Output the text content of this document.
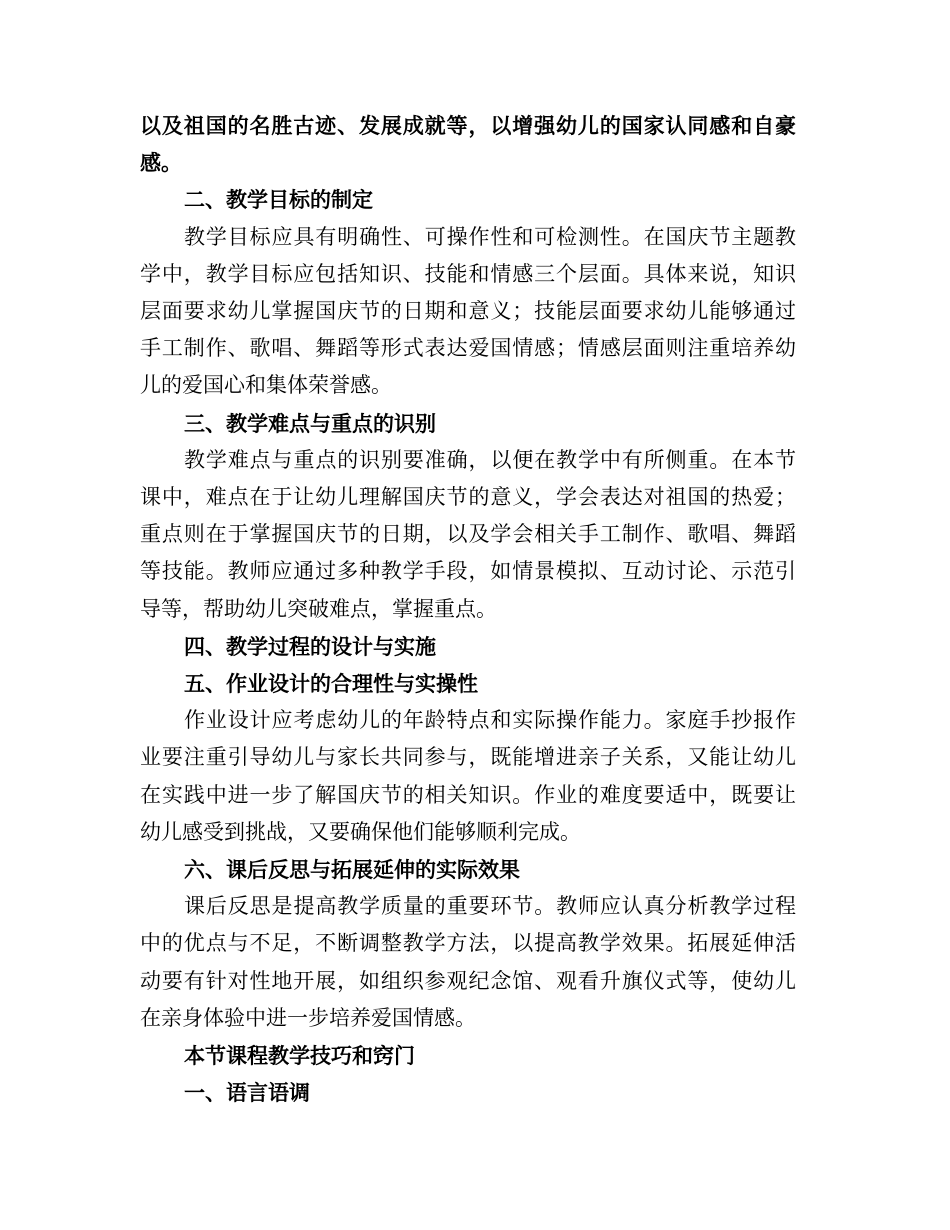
以及祖国的名胜古迹、发展成就等，以增强幼儿的国家认同感和自豪

感。

二、教学目标的制定

教学目标应具有明确性、可操作性和可检测性。在国庆节主题教

学中，教学目标应包括知识、技能和情感三个层面。具体来说，知识

层面要求幼儿掌握国庆节的日期和意义；技能层面要求幼儿能够通过

手工制作、歌唱、舞蹈等形式表达爱国情感；情感层面则注重培养幼

儿的爱国心和集体荣誉感。

三、教学难点与重点的识别

教学难点与重点的识别要准确，以便在教学中有所侧重。在本节

课中，难点在于让幼儿理解国庆节的意义，学会表达对祖国的热爱；

重点则在于掌握国庆节的日期，以及学会相关手工制作、歌唱、舞蹈

等技能。教师应通过多种教学手段，如情景模拟、互动讨论、示范引

导等，帮助幼儿突破难点，掌握重点。

四、教学过程的设计与实施

五、作业设计的合理性与实操性

作业设计应考虑幼儿的年龄特点和实际操作能力。家庭手抄报作

业要注重引导幼儿与家长共同参与，既能增进亲子关系，又能让幼儿

在实践中进一步了解国庆节的相关知识。作业的难度要适中，既要让

幼儿感受到挑战，又要确保他们能够顺利完成。

六、课后反思与拓展延伸的实际效果

课后反思是提高教学质量的重要环节。教师应认真分析教学过程

中的优点与不足，不断调整教学方法，以提高教学效果。拓展延伸活

动要有针对性地开展，如组织参观纪念馆、观看升旗仪式等，使幼儿

在亲身体验中进一步培养爱国情感。

本节课程教学技巧和窍门

一、语言语调
